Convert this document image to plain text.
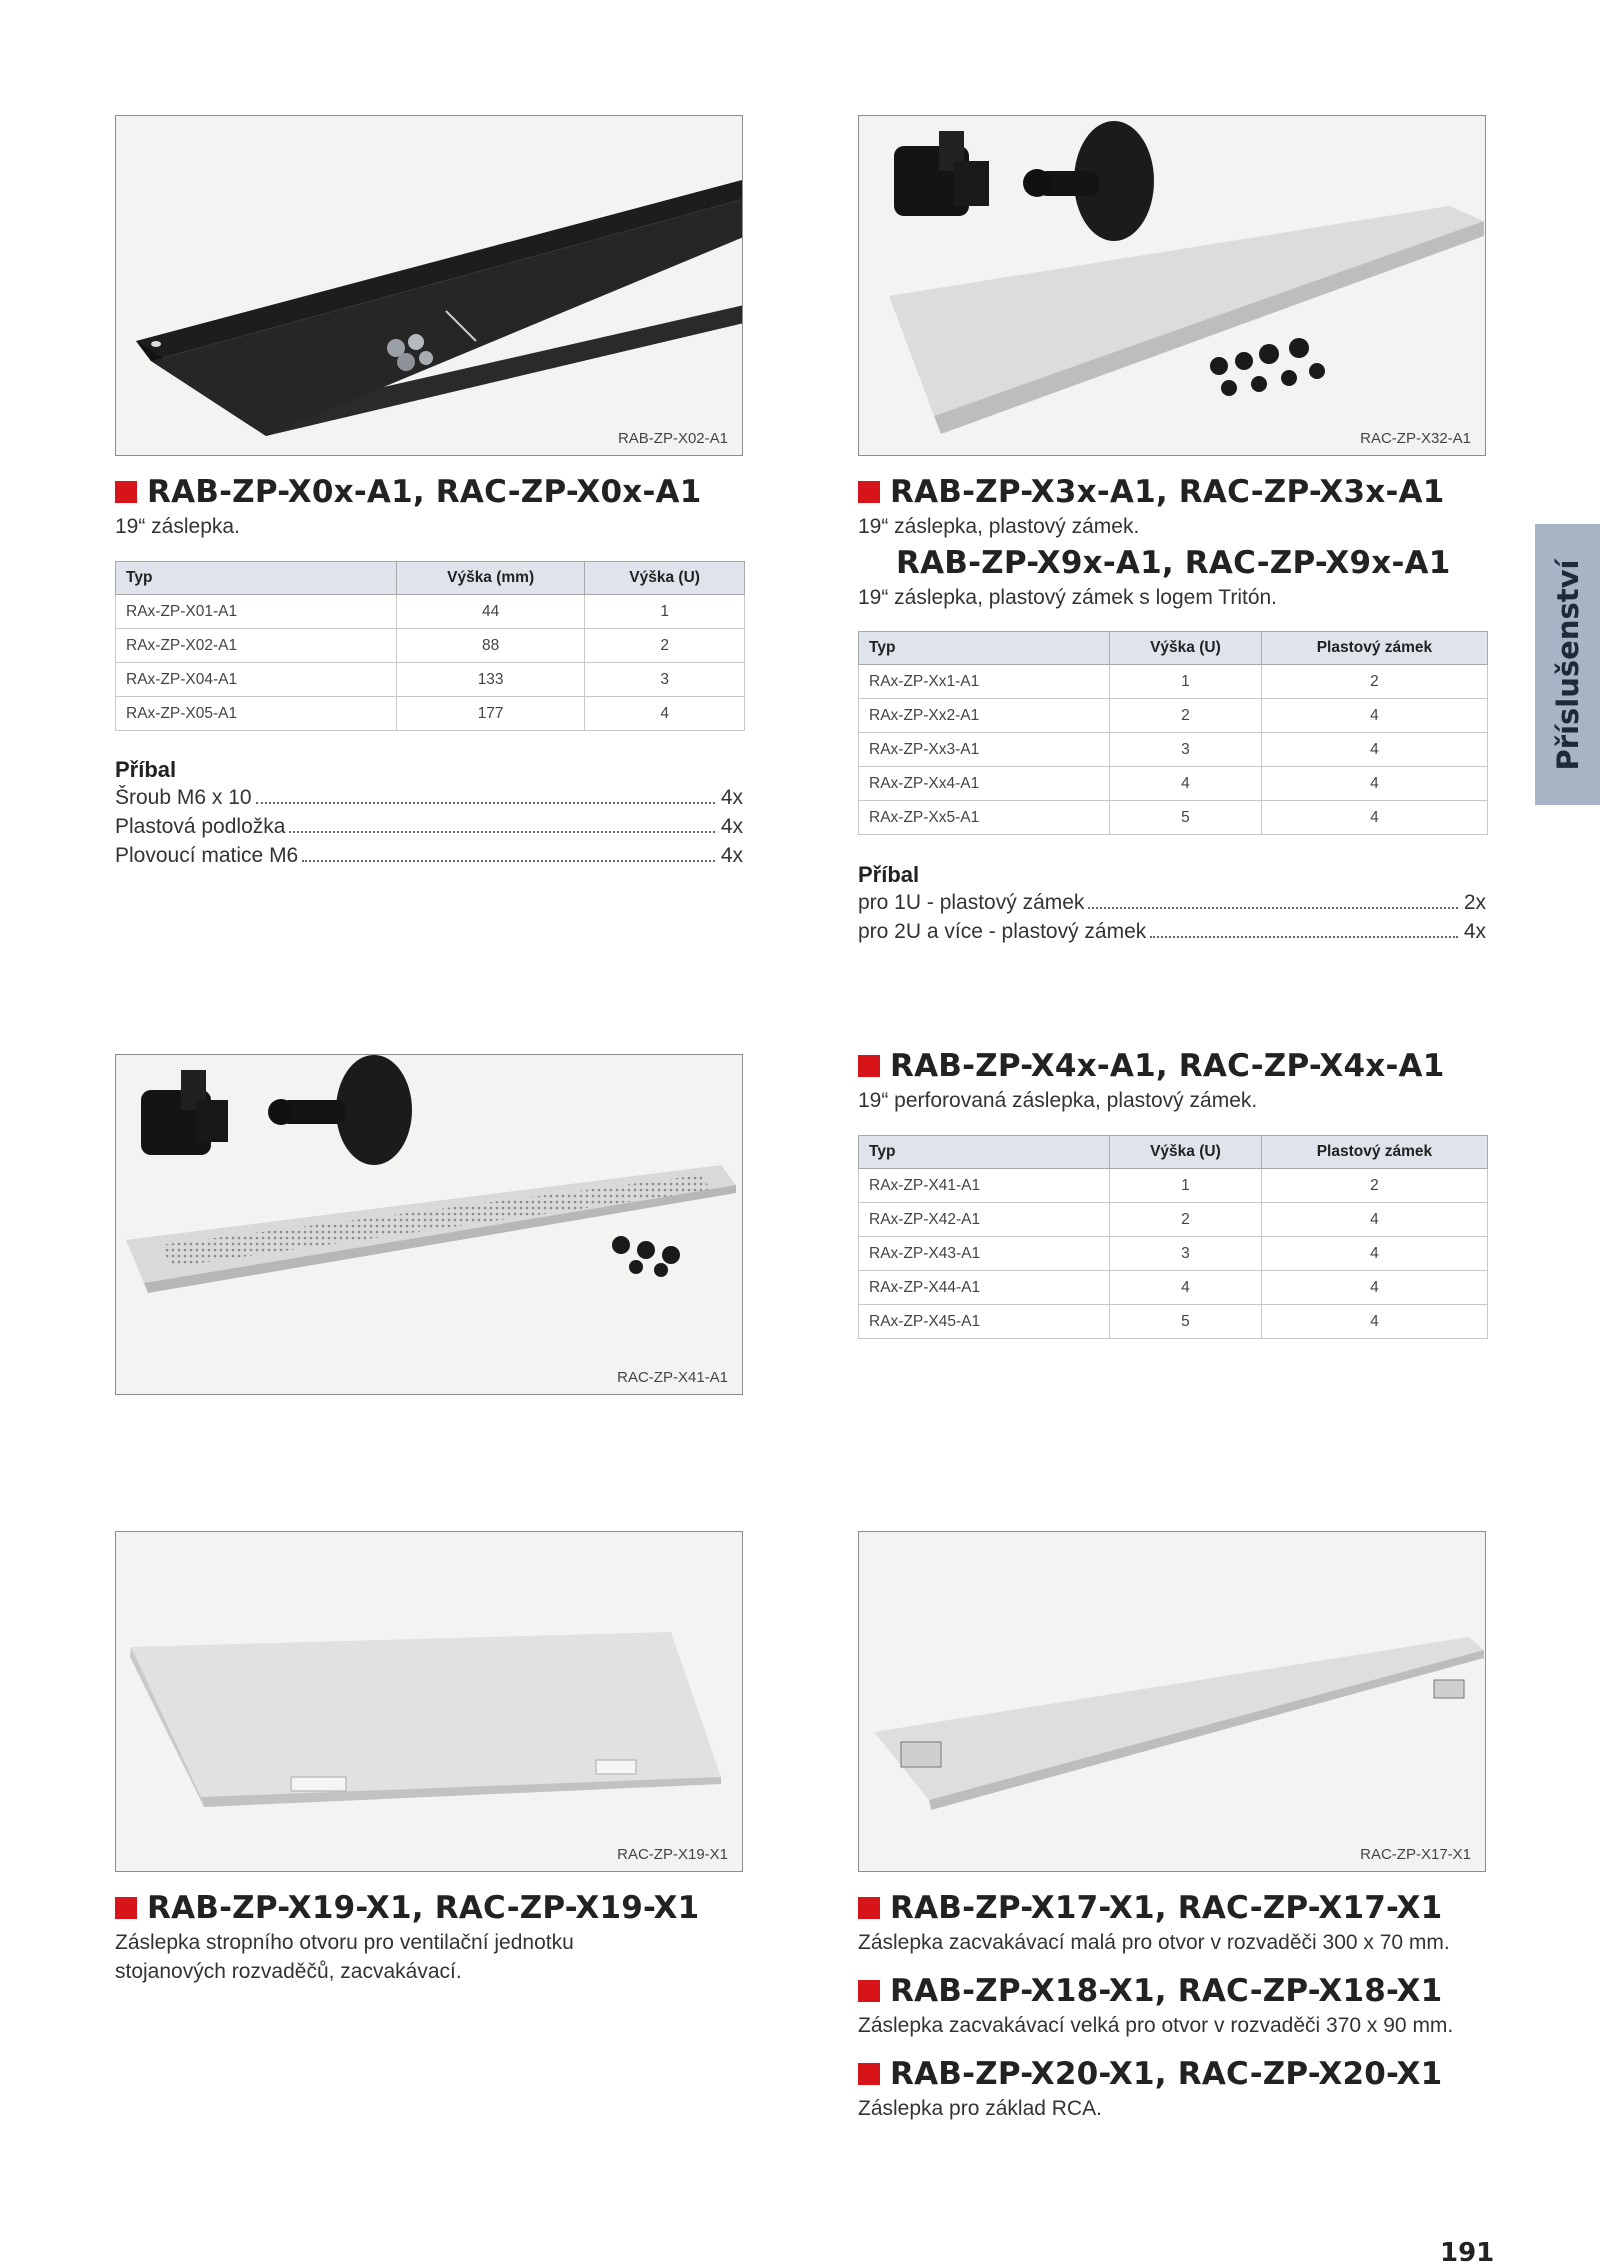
RAB-ZP-X02-A1
RAB-ZP-X0x-A1, RAC-ZP-X0x-A1
19“ záslepka.
Typ	Výška (mm)	Výška (U)
RAx-ZP-X01-A1	44	1
RAx-ZP-X02-A1	88	2
RAx-ZP-X04-A1	133	3
RAx-ZP-X05-A1	177	4
Příbal
Šroub M6 x 10	4x
Plastová podložka	4x
Plovoucí matice M6	4x
RAC-ZP-X32-A1
RAB-ZP-X3x-A1, RAC-ZP-X3x-A1
19“ záslepka, plastový zámek.
RAB-ZP-X9x-A1, RAC-ZP-X9x-A1
19“ záslepka, plastový zámek s logem Tritón.
Typ	Výška (U)	Plastový zámek
RAx-ZP-Xx1-A1	1	2
RAx-ZP-Xx2-A1	2	4
RAx-ZP-Xx3-A1	3	4
RAx-ZP-Xx4-A1	4	4
RAx-ZP-Xx5-A1	5	4
Příbal
pro 1U - plastový zámek	2x
pro 2U a více - plastový zámek	4x
Příslušenství
RAC-ZP-X41-A1
RAB-ZP-X4x-A1, RAC-ZP-X4x-A1
19“ perforovaná záslepka, plastový zámek.
Typ	Výška (U)	Plastový zámek
RAx-ZP-X41-A1	1	2
RAx-ZP-X42-A1	2	4
RAx-ZP-X43-A1	3	4
RAx-ZP-X44-A1	4	4
RAx-ZP-X45-A1	5	4
RAC-ZP-X19-X1
RAB-ZP-X19-X1, RAC-ZP-X19-X1
Záslepka stropního otvoru pro ventilační jednotku
stojanových rozvaděčů, zacvakávací.
RAC-ZP-X17-X1
RAB-ZP-X17-X1, RAC-ZP-X17-X1
Záslepka zacvakávací malá pro otvor v rozvaděči 300 x 70 mm.
RAB-ZP-X18-X1, RAC-ZP-X18-X1
Záslepka zacvakávací velká pro otvor v rozvaděči 370 x 90 mm.
RAB-ZP-X20-X1, RAC-ZP-X20-X1
Záslepka pro základ RCA.
191
